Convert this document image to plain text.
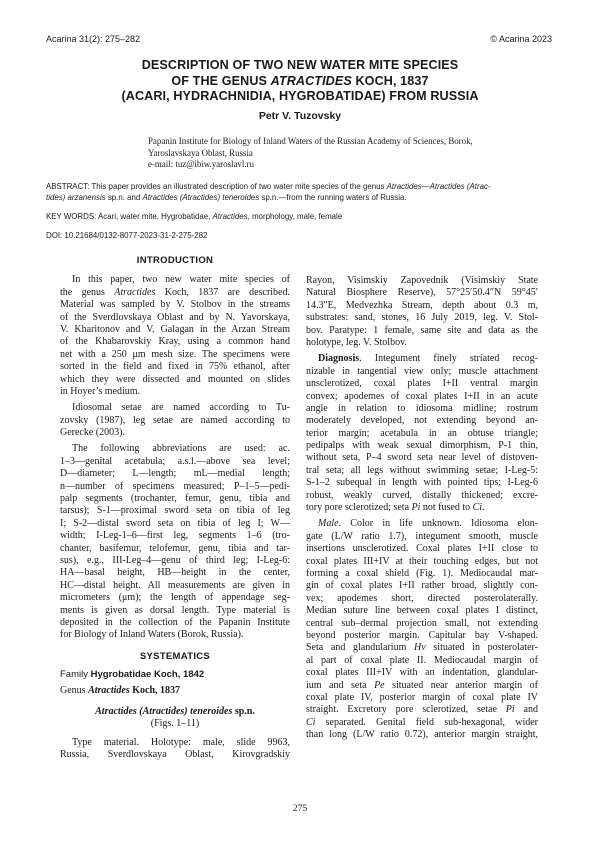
Acarina 31(2): 275–282	© Acarina 2023
DESCRIPTION OF TWO NEW WATER MITE SPECIES
OF THE GENUS ATRACTIDES KOCH, 1837
(ACARI, HYDRACHNIDIA, HYGROBATIDAE) FROM RUSSIA
Petr V. Tuzovsky
Papanin Institute for Biology of Inland Waters of the Russian Academy of Sciences, Borok,
Yaroslavskaya Oblast, Russia
e-mail: tuz@ibiw.yaroslavl.ru
ABSTRACT: This paper provides an illustrated description of two water mite species of the genus Atractides—Atractides (Atrac-
tides) arzanensis sp.n. and Atractides (Atractides) teneroides sp.n.—from the running waters of Russia.
KEY WORDS: Acari, water mite, Hygrobatidae, Atractides, morphology, male, female
DOI: 10.21684/0132-8077-2023-31-2-275-282
INTRODUCTION
In this paper, two new water mite species of
the genus Atractides Koch, 1837 are described.
Material was sampled by V. Stolbov in the streams
of the Sverdlovskaya Oblast and by N. Yavorskaya,
V. Kharitonov and V. Galagan in the Arzan Stream
of the Khabarovskiy Kray, using a common hand
net with a 250 μm mesh size. The specimens were
sorted in the field and fixed in 75% ethanol, after
which they were dissected and mounted on slides
in Hoyer’s medium.
Idiosomal setae are named according to Tu-
zovsky (1987), leg setae are named according to
Gerecke (2003).
The following abbreviations are used: ac.
1–3—genital acetabula; a.s.l.—above sea level;
D—diameter; L—length; mL—medial length;
n—number of specimens measured; P–1–5—pedi-
palp segments (trochanter, femur, genu, tibia and
tarsus); S-1—proximal sword seta on tibia of leg
I; S-2—distal sword seta on tibia of leg I; W—
width; I-Leg-1–6—first leg, segments 1–6 (tro-
chanter, basifemur, telofemur, genu, tibia and tar-
sus), e.g., III-Leg–4—genu of third leg; I-Leg-6:
HA—basal height, HB—height in the center,
HC—distal height. All measurements are given in
micrometers (μm); the length of appendage seg-
ments is given as dorsal length. Type material is
deposited in the collection of the Papanin Institute
for Biology of Inland Waters (Borok, Russia).
SYSTEMATICS
Family Hygrobatidae Koch, 1842
Genus Atractides Koch, 1837
Atractides (Atractides) teneroides sp.n.
(Figs. 1–11)
Type material. Holotype: male, slide 9963,
Russia, Sverdlovskaya Oblast, Kirovgradskiy
Rayon, Visimskiy Zapovednik (Visimskiy State
Natural Biosphere Reserve), 57°25′50.4″N 59°45′
14.3″E, Medvezhka Stream, depth about 0.3 m,
substrates: sand, stones, 16 July 2019, leg. V. Stol-
bov. Paratype: 1 female, same site and data as the
holotype, leg. V. Stolbov.
Diagnosis. Integument finely striated recog-
nizable in tangential view only; muscle attachment
unsclerotized, coxal plates I+II ventral margin
convex; apodemes of coxal plates I+II in an acute
angle in relation to idiosoma midline; rostrum
moderately developed, not extending beyond an-
terior margin; acetabula in an obtuse triangle;
pedipalps with weak sexual dimorphism, P-1 thin,
without seta, P–4 sword seta near level of distoven-
tral seta; all legs without swimming setae; I-Leg-5:
S-1–2 subequal in length with pointed tips; I-Leg-6
robust, weakly curved, distally thickened; excre-
tory pore sclerotized; seta Pi not fused to Ci.
Male. Color in life unknown. Idiosoma elon-
gate (L/W ratio 1.7), integument smooth, muscle
insertions unsclerotized. Coxal plates I+II close to
coxal plates III+IV at their touching edges, but not
forming a coxal shield (Fig. 1). Mediocaudal mar-
gin of coxal plates I+II rather broad, slightly con-
vex; apodemes short, directed posterolaterally.
Median suture line between coxal plates I distinct,
central sub–dermal projection small, not extending
beyond posterior margin. Capitular bay V-shaped.
Seta and glandularium Hv situated in posterolater-
al part of coxal plate II. Mediocaudal margin of
coxal plates III+IV with an indentation, glandular-
ium and seta Pe situated near anterior margin of
coxal plate IV, posterior margin of coxal plate IV
straight. Excretory pore sclerotized, setae Pi and
Ci separated. Genital field sub-hexagonal, wider
than long (L/W ratio 0.72), anterior margin straight,
275
